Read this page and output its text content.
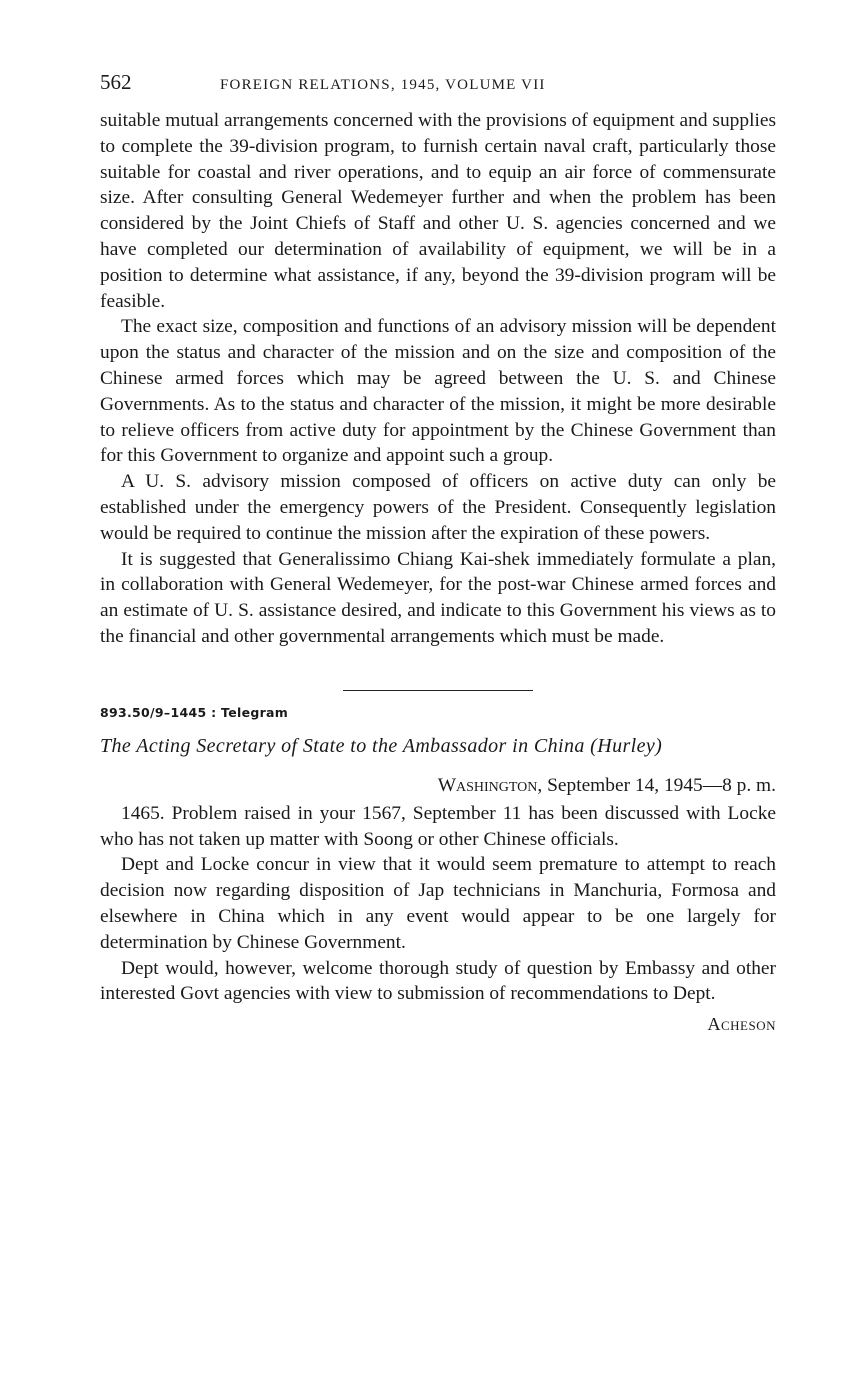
562	FOREIGN RELATIONS, 1945, VOLUME VII

suitable mutual arrangements concerned with the provisions of equipment and supplies to complete the 39-division program, to furnish certain naval craft, particularly those suitable for coastal and river operations, and to equip an air force of commensurate size. After consulting General Wedemeyer further and when the problem has been considered by the Joint Chiefs of Staff and other U. S. agencies concerned and we have completed our determination of availability of equipment, we will be in a position to determine what assistance, if any, beyond the 39-division program will be feasible.

The exact size, composition and functions of an advisory mission will be dependent upon the status and character of the mission and on the size and composition of the Chinese armed forces which may be agreed between the U. S. and Chinese Governments. As to the status and character of the mission, it might be more desirable to relieve officers from active duty for appointment by the Chinese Government than for this Government to organize and appoint such a group.

A U. S. advisory mission composed of officers on active duty can only be established under the emergency powers of the President. Consequently legislation would be required to continue the mission after the expiration of these powers.

It is suggested that Generalissimo Chiang Kai-shek immediately formulate a plan, in collaboration with General Wedemeyer, for the post-war Chinese armed forces and an estimate of U. S. assistance desired, and indicate to this Government his views as to the financial and other governmental arrangements which must be made.

893.50/9–1445 : Telegram
The Acting Secretary of State to the Ambassador in China (Hurley)
Washington, September 14, 1945—8 p. m.

1465. Problem raised in your 1567, September 11 has been discussed with Locke who has not taken up matter with Soong or other Chinese officials.

Dept and Locke concur in view that it would seem premature to attempt to reach decision now regarding disposition of Jap technicians in Manchuria, Formosa and elsewhere in China which in any event would appear to be one largely for determination by Chinese Government.

Dept would, however, welcome thorough study of question by Embassy and other interested Govt agencies with view to submission of recommendations to Dept.

Acheson
